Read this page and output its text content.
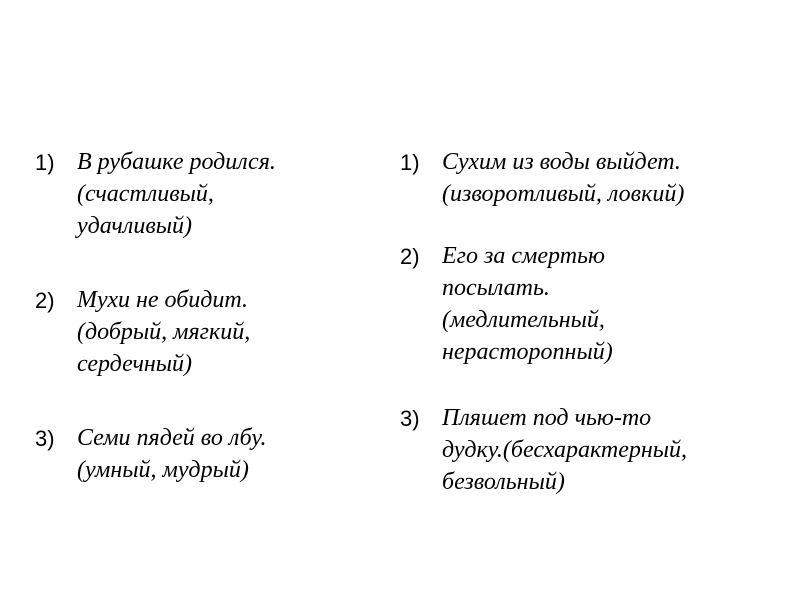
1) В рубашке родился.
(счастливый,
удачливый)
2) Мухи не обидит.
(добрый, мягкий,
сердечный)
3) Семи пядей во лбу.
(умный, мудрый)
1) Сухим из воды выйдет.
(изворотливый, ловкий)
2) Его за смертью
посылать.
(медлительный,
нерасторопный)
3) Пляшет под чью-то
дудку.(бесхарактерный,
безвольный)
